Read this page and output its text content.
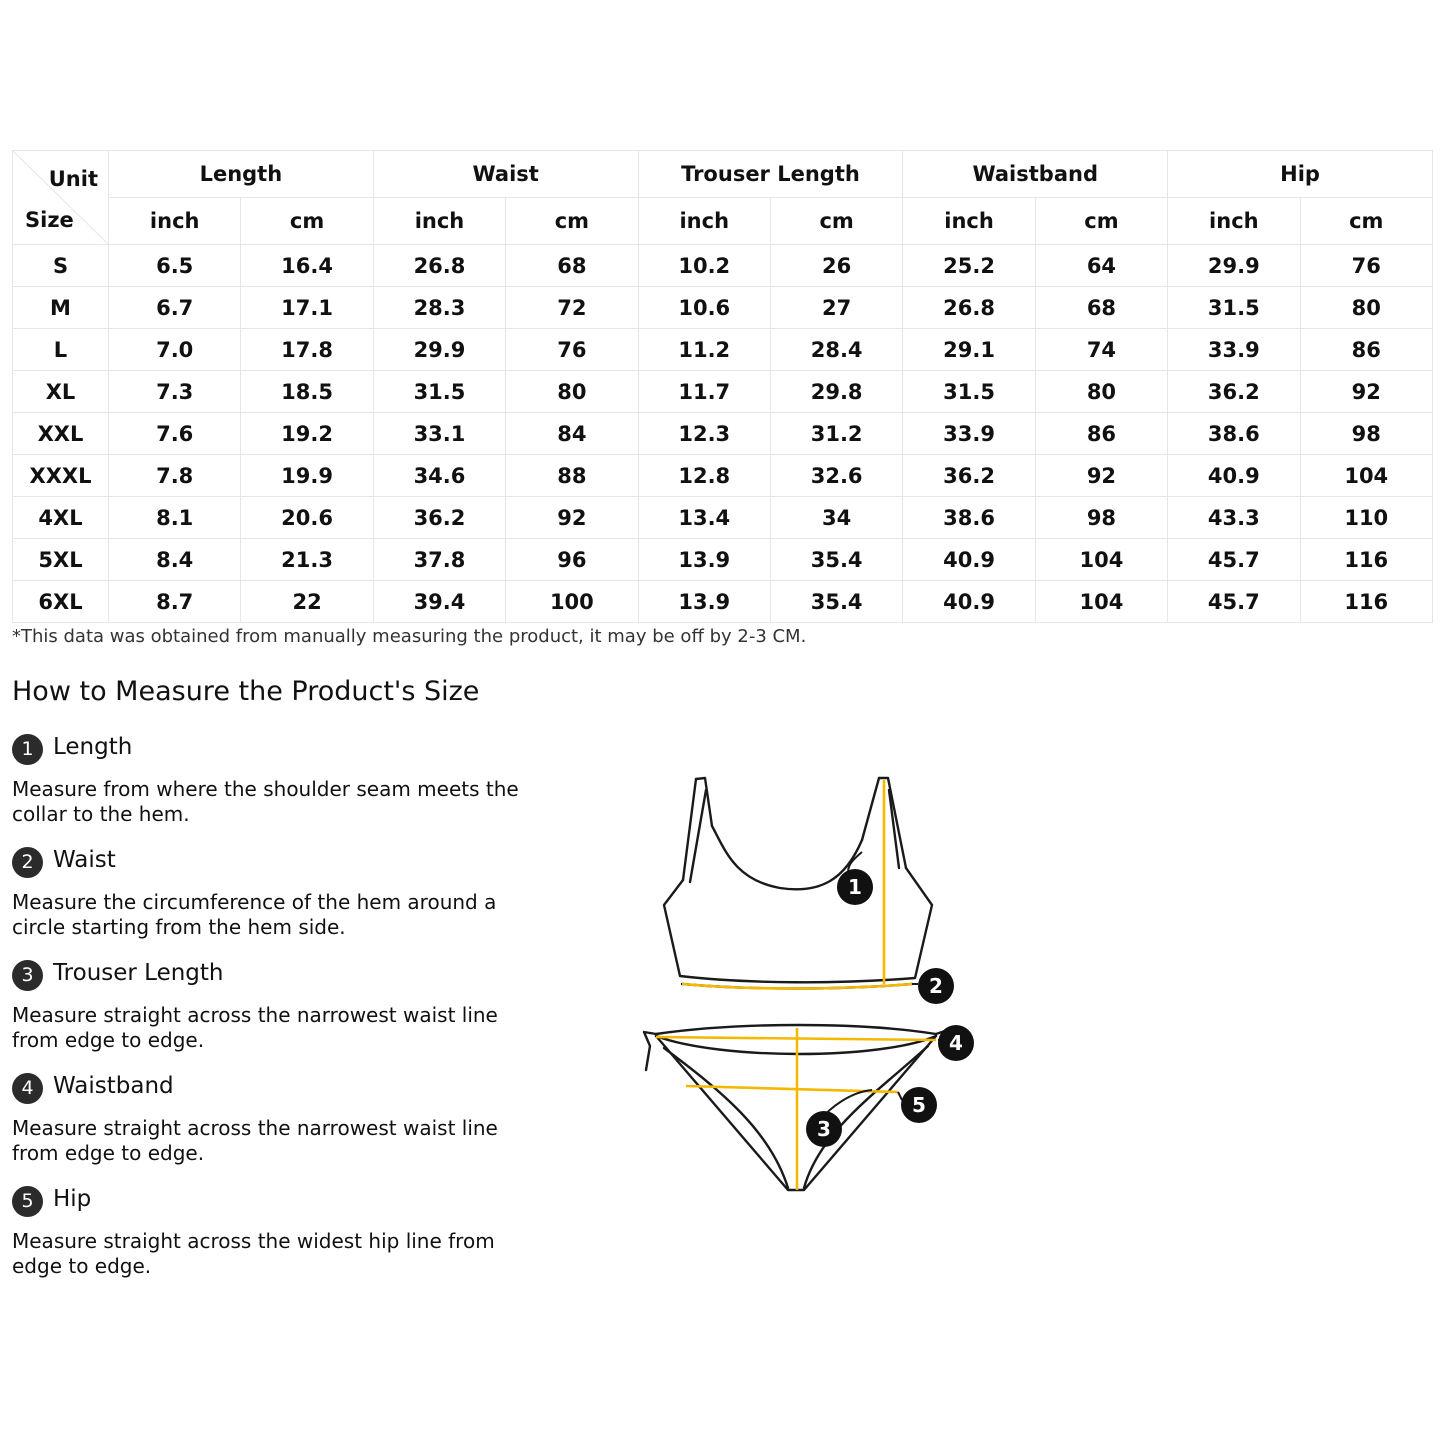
Unit
Size	Length		Waist		Trouser Length		Waistband		Hip	
	inch	cm	inch	cm	inch	cm	inch	cm	inch	cm
S	6.5	16.4	26.8	68	10.2	26	25.2	64	29.9	76
M	6.7	17.1	28.3	72	10.6	27	26.8	68	31.5	80
L	7.0	17.8	29.9	76	11.2	28.4	29.1	74	33.9	86
XL	7.3	18.5	31.5	80	11.7	29.8	31.5	80	36.2	92
XXL	7.6	19.2	33.1	84	12.3	31.2	33.9	86	38.6	98
XXXL	7.8	19.9	34.6	88	12.8	32.6	36.2	92	40.9	104
4XL	8.1	20.6	36.2	92	13.4	34	38.6	98	43.3	110
5XL	8.4	21.3	37.8	96	13.9	35.4	40.9	104	45.7	116
6XL	8.7	22	39.4	100	13.9	35.4	40.9	104	45.7	116
*This data was obtained from manually measuring the product, it may be off by 2-3 CM.
How to Measure the Product's Size
1 Length
Measure from where the shoulder seam meets the collar to the hem.
2 Waist
Measure the circumference of the hem around a circle starting from the hem side.
3 Trouser Length
Measure straight across the narrowest waist line from edge to edge.
4 Waistband
Measure straight across the narrowest waist line from edge to edge.
5 Hip
Measure straight across the widest hip line from edge to edge.
1
2
3
4
5
